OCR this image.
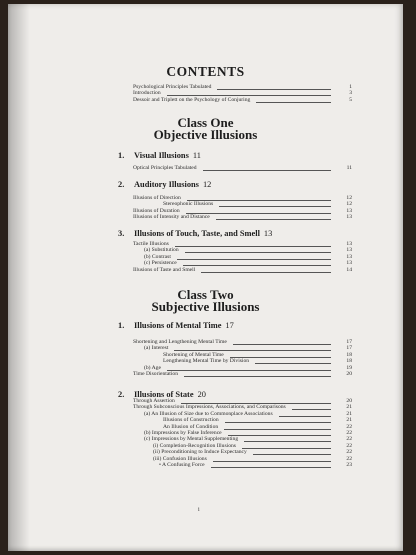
CONTENTS
Psychological Principles Tabulated	1
Introduction	3
Dessoir and Triplett on the Psychology of Conjuring	5
Class One
Objective Illusions
1. Visual Illusions 11
Optical Principles Tabulated	11
2. Auditory Illusions 12
Illusions of Direction	12
Stereophonic Illusions	12
Illusions of Duration	13
Illusions of Intensity and Distance	13
3. Illusions of Touch, Taste, and Smell 13
Tactile Illusions	13
(a) Substitution	13
(b) Contrast	13
(c) Persistence	13
Illusions of Taste and Smell	14
Class Two
Subjective Illusions
1. Illusions of Mental Time 17
Shortening and Lengthening Mental Time	17
(a) Interest	17
Shortening of Mental Time	18
Lengthening Mental Time by Division	18
(b) Age	19
Time Disorientation	20
2. Illusions of State 20
Through Assertion	20
Through Subconscious Impressions, Associations, and Comparisons	21
(a) An Illusion of Size due to Commonplace Associations	21
Illusions of Construction	21
An Illusion of Condition	22
(b) Impressions by False Inference	22
(c) Impressions by Mental Supplementing	22
(i) Completion-Recognition Illusions	22
(ii) Preconditioning to Induce Expectancy	22
(iii) Confusion Illusions	22
• A Confusing Force	23
i
